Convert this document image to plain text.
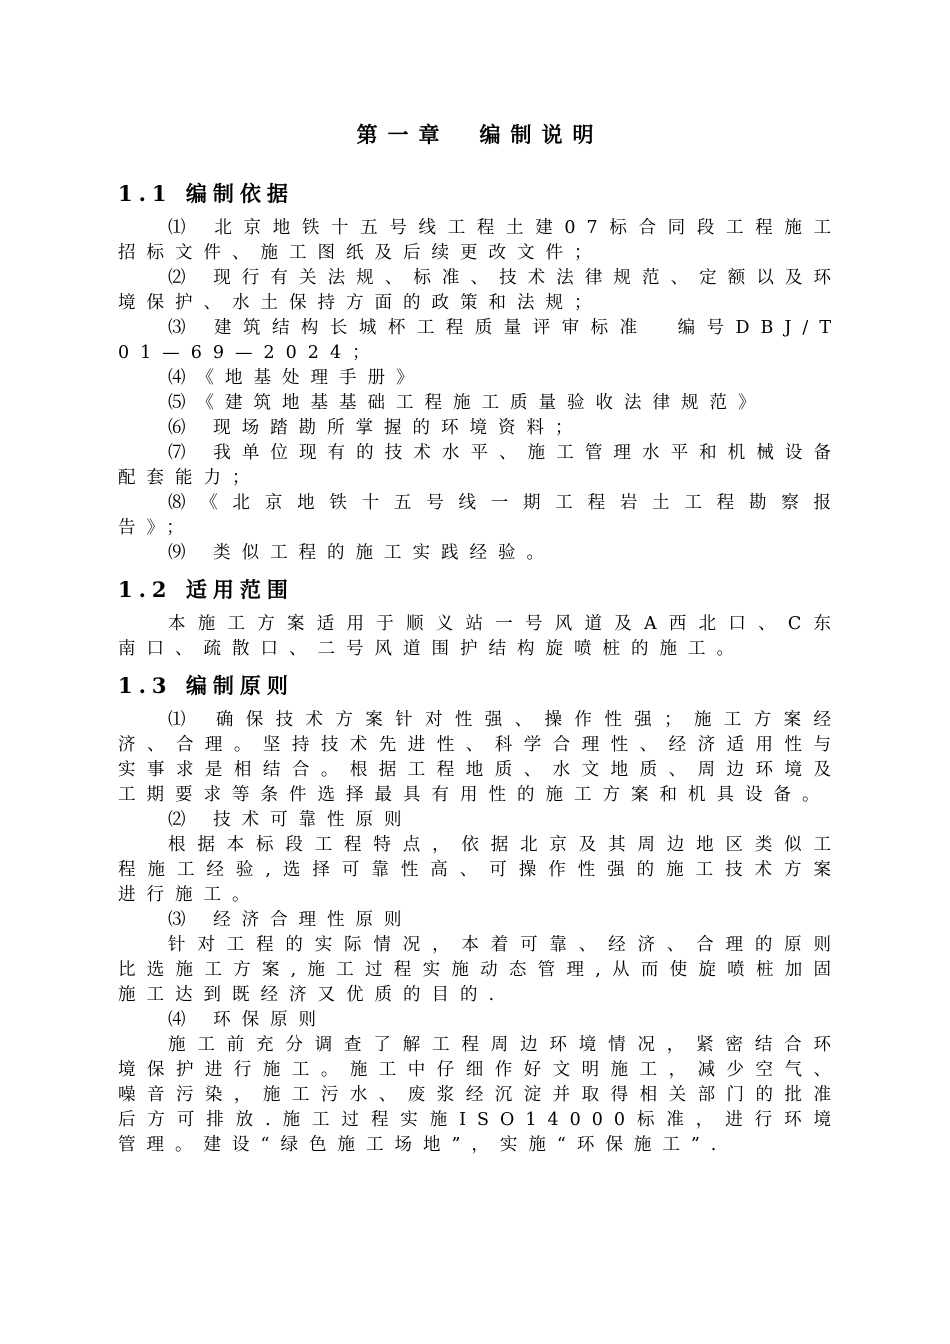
第一章 编制说明
1.1 编制依据

⑴ 北京地铁十五号线工程土建07标合同段工程施工招标文件、施工图纸及后续更改文件；

⑵ 现行有关法规、标准、技术法律规范、定额以及环境保护、水土保持方面的政策和法规；

⑶ 建筑结构长城杯工程质量评审标准　编号DBJ/T01—69—2024；

⑷《地基处理手册》

⑸《建筑地基基础工程施工质量验收法律规范》

⑹ 现场踏勘所掌握的环境资料；

⑺ 我单位现有的技术水平、施工管理水平和机械设备配套能力；

⑻《北京地铁十五号线一期工程岩土工程勘察报告》；

⑼ 类似工程的施工实践经验。

1.2 适用范围

本施工方案适用于顺义站一号风道及A西北口、C东南口、疏散口、二号风道围护结构旋喷桩的施工。

1.3 编制原则

⑴ 确保技术方案针对性强、操作性强；施工方案经济、合理。坚持技术先进性、科学合理性、经济适用性与实事求是相结合。根据工程地质、水文地质、周边环境及工期要求等条件选择最具有用性的施工方案和机具设备。

⑵ 技术可靠性原则

根据本标段工程特点，依据北京及其周边地区类似工程施工经验,选择可靠性高、可操作性强的施工技术方案进行施工。

⑶ 经济合理性原则

针对工程的实际情况，本着可靠、经济、合理的原则比选施工方案,施工过程实施动态管理,从而使旋喷桩加固施工达到既经济又优质的目的.

⑷ 环保原则

施工前充分调查了解工程周边环境情况，紧密结合环境保护进行施工。施工中仔细作好文明施工，减少空气、噪音污染，施工污水、废浆经沉淀并取得相关部门的批准后方可排放.施工过程实施ISO14000标准，进行环境管理。建设“绿色施工场地”，实施“环保施工”.
